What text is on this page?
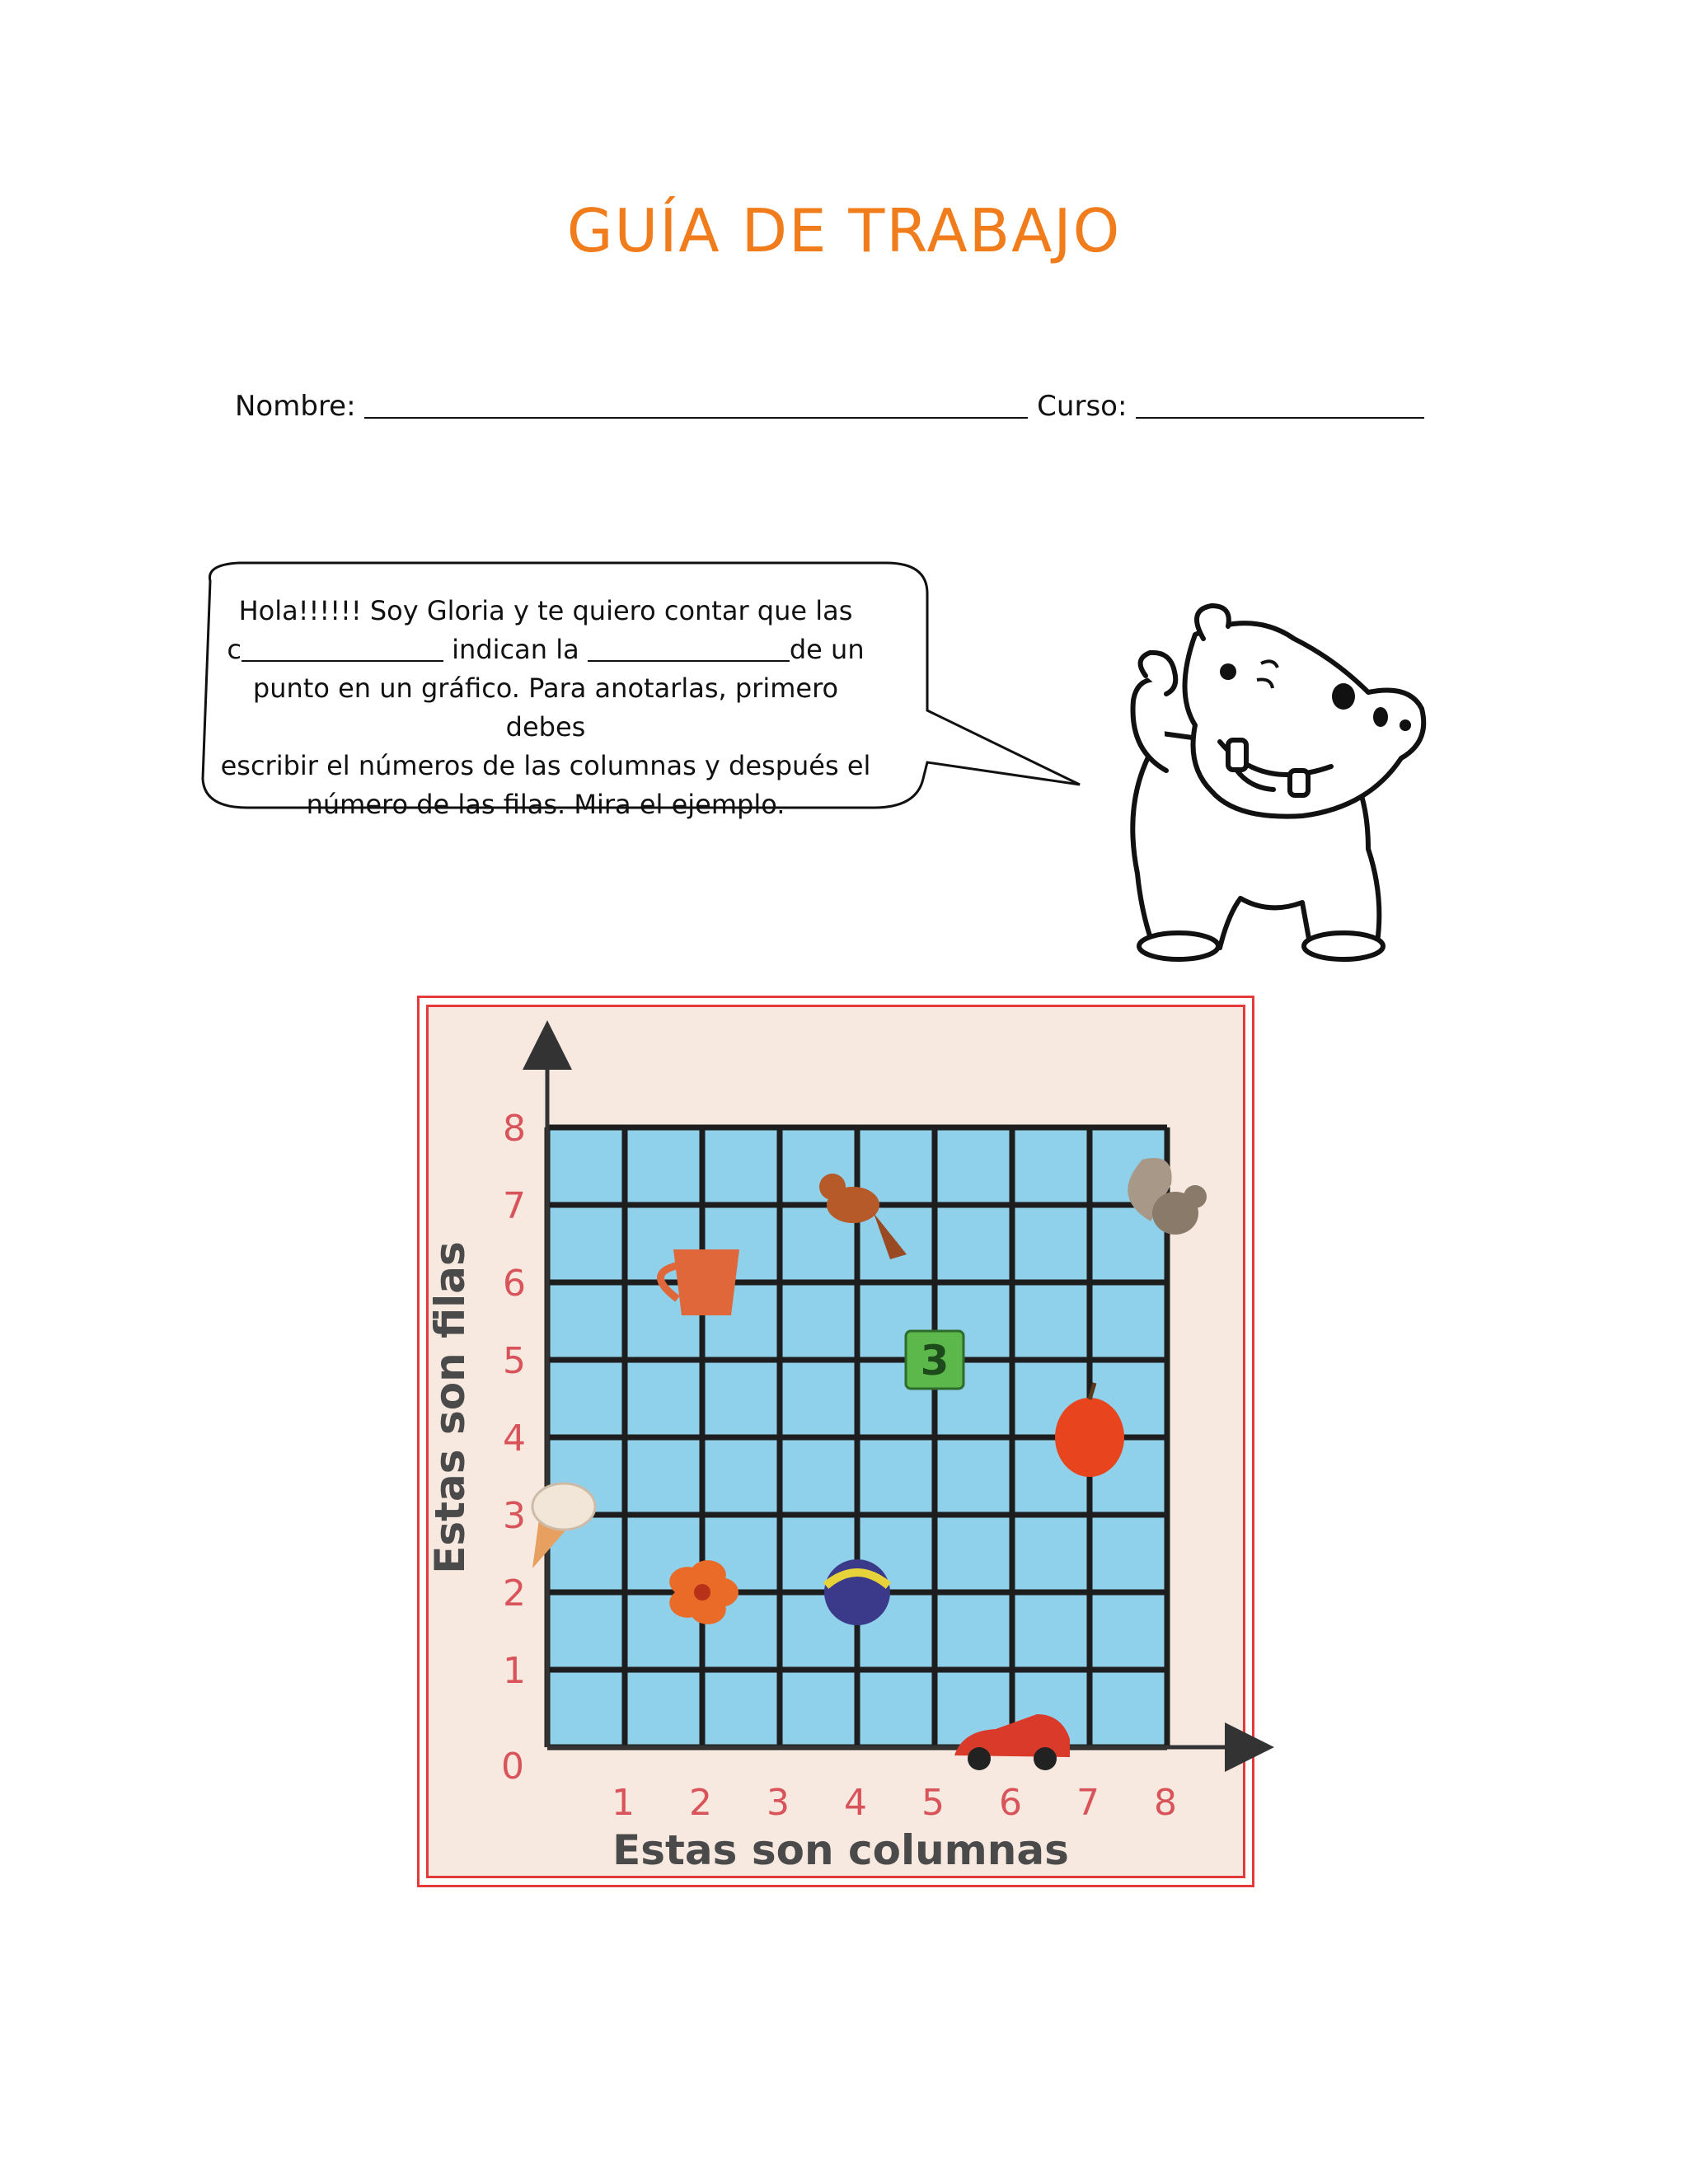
GUÍA DE TRABAJO
Nombre:	Curso:
Hola!!!!!! Soy Gloria y te quiero contar que las
c	indican la	de un
punto en un gráfico. Para anotarlas, primero debes
escribir el números de las columnas y después el
número de las filas. Mira el ejemplo.
0
1 2 3 4 5 6 7 8
1
2
3
4
5
6
7
8
3
Estas son columnas
Estas son filas
